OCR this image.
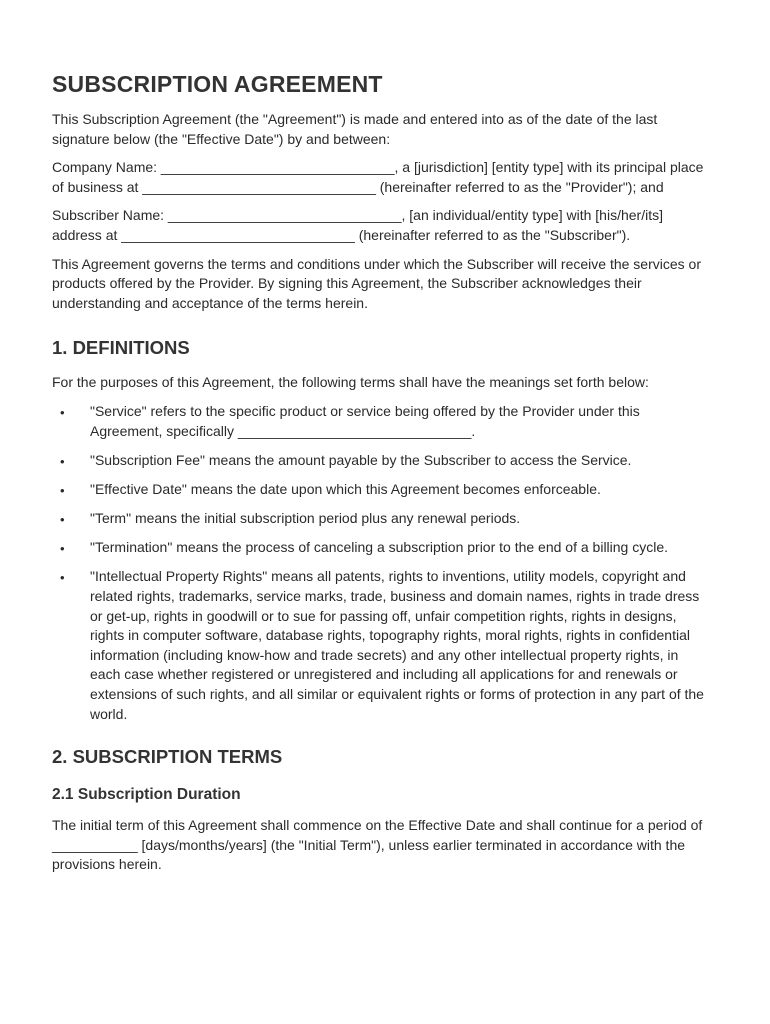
SUBSCRIPTION AGREEMENT

This Subscription Agreement (the "Agreement") is made and entered into as of the date of the last signature below (the "Effective Date") by and between:

Company Name: ______________________________, a [jurisdiction] [entity type] with its principal place of business at ______________________________ (hereinafter referred to as the "Provider"); and

Subscriber Name: ______________________________, [an individual/entity type] with [his/her/its] address at ______________________________ (hereinafter referred to as the "Subscriber").

This Agreement governs the terms and conditions under which the Subscriber will receive the services or products offered by the Provider. By signing this Agreement, the Subscriber acknowledges their understanding and acceptance of the terms herein.

1. DEFINITIONS

For the purposes of this Agreement, the following terms shall have the meanings set forth below:

• "Service" refers to the specific product or service being offered by the Provider under this Agreement, specifically ______________________________.
• "Subscription Fee" means the amount payable by the Subscriber to access the Service.
• "Effective Date" means the date upon which this Agreement becomes enforceable.
• "Term" means the initial subscription period plus any renewal periods.
• "Termination" means the process of canceling a subscription prior to the end of a billing cycle.
• "Intellectual Property Rights" means all patents, rights to inventions, utility models, copyright and related rights, trademarks, service marks, trade, business and domain names, rights in trade dress or get-up, rights in goodwill or to sue for passing off, unfair competition rights, rights in designs, rights in computer software, database rights, topography rights, moral rights, rights in confidential information (including know-how and trade secrets) and any other intellectual property rights, in each case whether registered or unregistered and including all applications for and renewals or extensions of such rights, and all similar or equivalent rights or forms of protection in any part of the world.
2. SUBSCRIPTION TERMS
2.1 Subscription Duration

The initial term of this Agreement shall commence on the Effective Date and shall continue for a period of ___________ [days/months/years] (the "Initial Term"), unless earlier terminated in accordance with the provisions herein.
